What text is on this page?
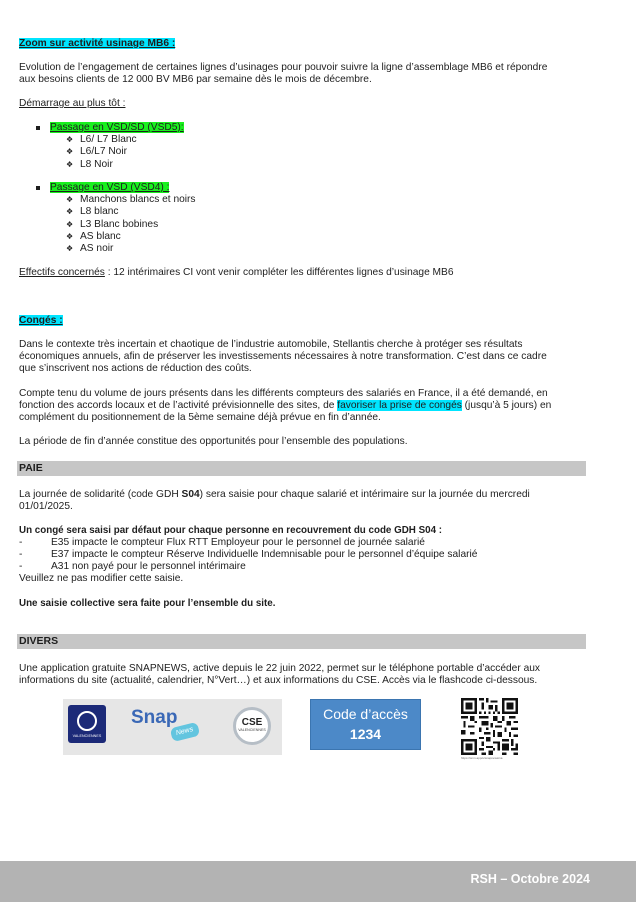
Zoom sur activité usinage MB6 :

Evolution de l’engagement de certaines lignes d’usinages pour pouvoir suivre la ligne d’assemblage MB6 et répondre

aux besoins clients de 12 000 BV MB6 par semaine dès le mois de décembre.

Démarrage au plus tôt :
Passage en VSD/SD (VSD5):
❖ L6/ L7 Blanc
❖ L6/L7 Noir
❖ L8 Noir
Passage en VSD (VSD4) :
❖ Manchons blancs et noirs
❖ L8 blanc
❖ L3 Blanc bobines
❖ AS blanc
❖ AS noir
Effectifs concernés : 12 intérimaires CI vont venir compléter les différentes lignes d’usinage MB6
Congés :

Dans le contexte très incertain et chaotique de l’industrie automobile, Stellantis cherche à protéger ses résultats

économiques annuels, afin de préserver les investissements nécessaires à notre transformation. C’est dans ce cadre

que s’inscrivent nos actions de réduction des coûts.

Compte tenu du volume de jours présents dans les différents compteurs des salariés en France, il a été demandé, en

fonction des accords locaux et de l’activité prévisionnelle des sites, de favoriser la prise de congés (jusqu’à 5 jours) en

complément du positionnement de la 5ème semaine déjà prévue en fin d’année.

La période de fin d’année constitue des opportunités pour l’ensemble des populations.
PAIE

La journée de solidarité (code GDH S04) sera saisie pour chaque salarié et intérimaire sur la journée du mercredi

01/01/2025.

Un congé sera saisi par défaut pour chaque personne en recouvrement du code GDH S04 :
- E35 impacte le compteur Flux RTT Employeur pour le personnel de journée salarié
- E37 impacte le compteur Réserve Individuelle Indemnisable pour le personnel d’équipe salarié
- A31 non payé pour le personnel intérimaire
Veuillez ne pas modifier cette saisie.
Une saisie collective sera faite pour l’ensemble du site.
DIVERS

Une application gratuite SNAPNEWS, active depuis le 22 juin 2022, permet sur le téléphone portable d’accéder aux

informations du site (actualité, calendrier, N°Vert…) et aux informations du CSE. Accès via le flashcode ci-dessous.

VALENCIENNES
Snap
News
CSE
VALENCIENNES
Code d’accès
1234
https://snm.app/e/snapnews/va
RSH – Octobre 2024
